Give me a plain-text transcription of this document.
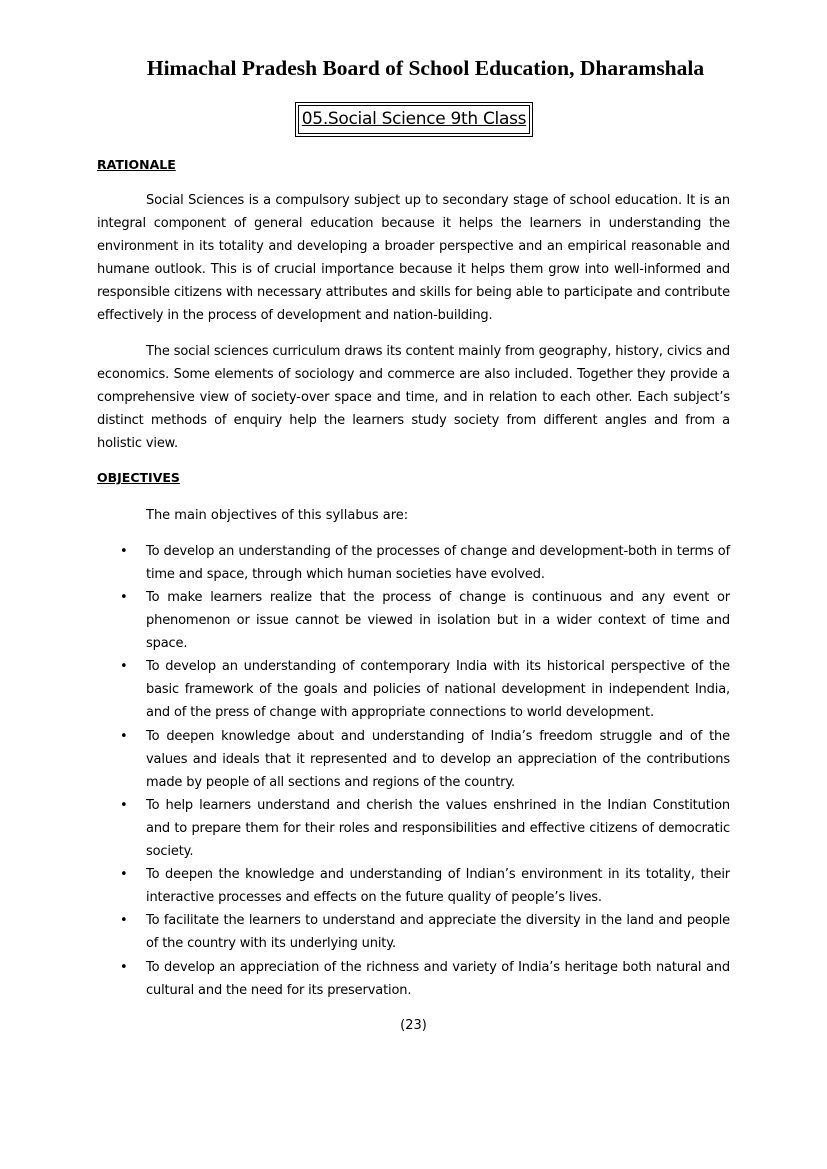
Himachal Pradesh Board of School Education, Dharamshala
05.Social Science 9th Class
RATIONALE

Social Sciences is a compulsory subject up to secondary stage of school education. It is an integral component of general education because it helps the learners in understanding the environment in its totality and developing a broader perspective and an empirical reasonable and humane outlook. This is of crucial importance because it helps them grow into well-informed and responsible citizens with necessary attributes and skills for being able to participate and contribute effectively in the process of development and nation-building.

The social sciences curriculum draws its content mainly from geography, history, civics and economics. Some elements of sociology and commerce are also included. Together they provide a comprehensive view of society-over space and time, and in relation to each other. Each subject’s distinct methods of enquiry help the learners study society from different angles and from a holistic view.

OBJECTIVES
The main objectives of this syllabus are:
• To develop an understanding of the processes of change and development-both in terms of time and space, through which human societies have evolved.
• To make learners realize that the process of change is continuous and any event or phenomenon or issue cannot be viewed in isolation but in a wider context of time and space.
• To develop an understanding of contemporary India with its historical perspective of the basic framework of the goals and policies of national development in independent India, and of the press of change with appropriate connections to world development.
• To deepen knowledge about and understanding of India’s freedom struggle and of the values and ideals that it represented and to develop an appreciation of the contributions made by people of all sections and regions of the country.
• To help learners understand and cherish the values enshrined in the Indian Constitution and to prepare them for their roles and responsibilities and effective citizens of democratic society.
• To deepen the knowledge and understanding of Indian’s environment in its totality, their interactive processes and effects on the future quality of people’s lives.
• To facilitate the learners to understand and appreciate the diversity in the land and people of the country with its underlying unity.
• To develop an appreciation of the richness and variety of India’s heritage both natural and cultural and the need for its preservation.
(23)
